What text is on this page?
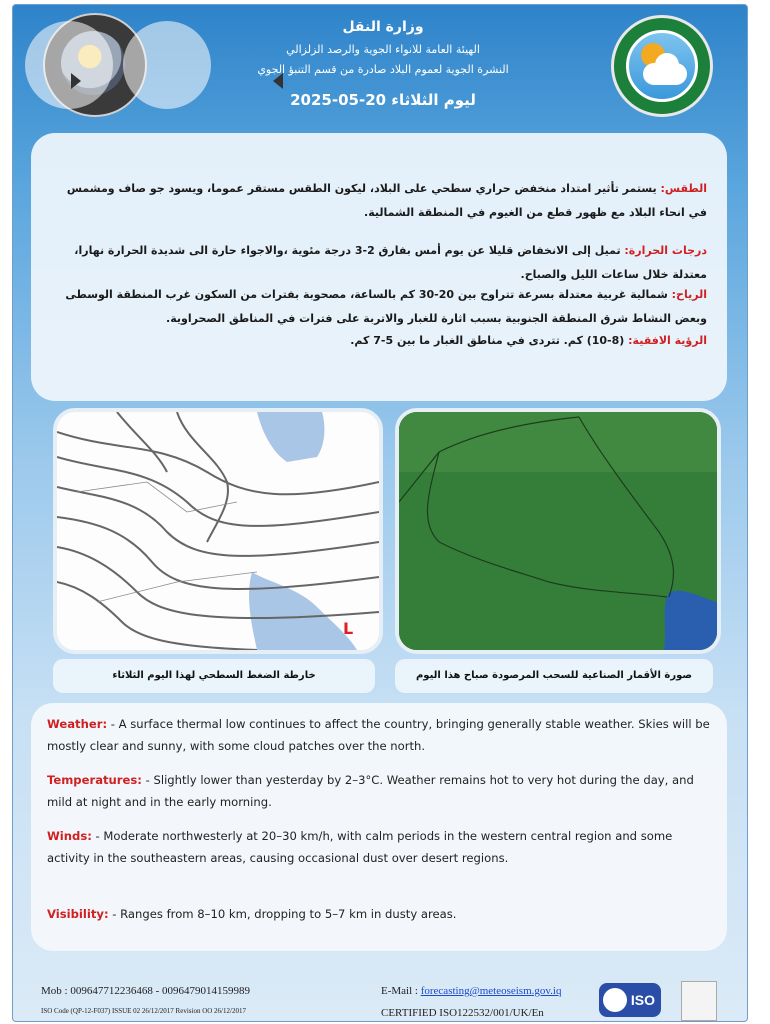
وزارة النقل
الهيئة العامة للانواء الجوية والرصد الزلزالي
النشرة الجوية لعموم البلاد صادرة من قسم التنبؤ الجوي
ليوم الثلاثاء 20-05-2025

الطقس: يستمر تأثير امتداد منخفض حراري سطحي على البلاد، ليكون الطقس مستقر عموما، ويسود جو صاف ومشمس في انحاء البلاد مع ظهور قطع من الغيوم في المنطقة الشمالية.

درجات الحرارة: تميل إلى الانخفاض قليلا عن يوم أمس بفارق 2-3 درجة مئوية ،والاجواء حارة الى شديدة الحرارة نهارا، معتدلة خلال ساعات الليل والصباح.

الرياح: شمالية غربية معتدلة بسرعة تتراوح بين 20-30 كم بالساعة، مصحوبة بفترات من السكون غرب المنطقة الوسطى وبعض النشاط شرق المنطقة الجنوبية بسبب اثارة للغبار والاتربة على فترات في المناطق الصحراوية.

الرؤية الافقية: (8-10) كم. تتردى في مناطق الغبار ما بين 5-7 كم.

L
خارطة الضغط السطحي لهذا اليوم الثلاثاء	صورة الأقمار الصناعية للسحب المرصودة صباح هذا اليوم

Weather: - A surface thermal low continues to affect the country, bringing generally stable weather. Skies will be mostly clear and sunny, with some cloud patches over the north.

Temperatures: - Slightly lower than yesterday by 2–3°C. Weather remains hot to very hot during the day, and mild at night and in the early morning.

Winds: - Moderate northwesterly at 20–30 km/h, with calm periods in the western central region and some activity in the southeastern areas, causing occasional dust over desert regions.

Visibility: - Ranges from 8–10 km, dropping to 5–7 km in dusty areas.

Mob : 009647712236468 - 0096479014159989	E-Mail : forecasting@meteoseism.gov.iq
ISO Code (QP-12-F037) ISSUE 02 26/12/2017 Revision OO 26/12/2017	CERTIFIED ISO122532/001/UK/En
ISO
